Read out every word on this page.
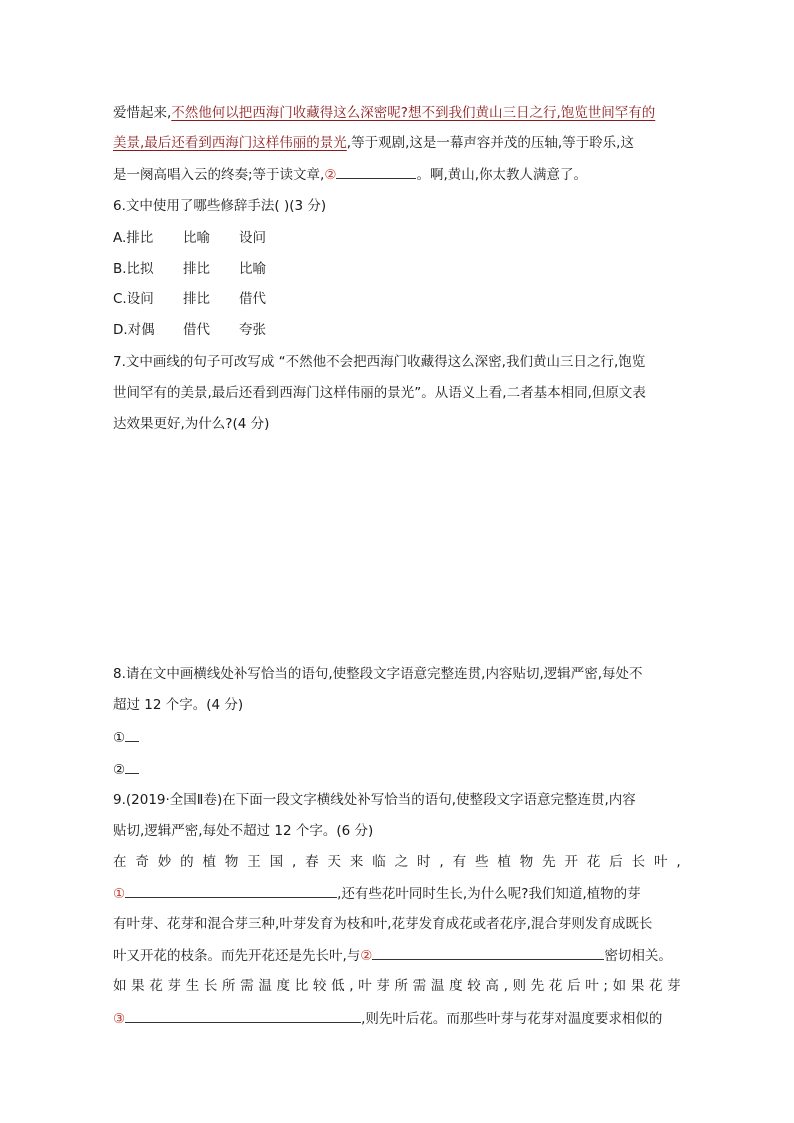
爱惜起来,不然他何以把西海门收藏得这么深密呢?想不到我们黄山三日之行,饱览世间罕有的
美景,最后还看到西海门这样伟丽的景光,等于观剧,这是一幕声容并茂的压轴,等于聆乐,这
是一阕高唱入云的终奏;等于读文章,②	。啊,黄山,你太教人满意了。
6.文中使用了哪些修辞手法( )(3 分)
A.排比 比喻 设问
B.比拟 排比 比喻
C.设问 排比 借代
D.对偶 借代 夸张
7.文中画线的句子可改写成 “不然他不会把西海门收藏得这么深密,我们黄山三日之行,饱览
世间罕有的美景,最后还看到西海门这样伟丽的景光”。从语义上看,二者基本相同,但原文表
达效果更好,为什么?(4 分)
8.请在文中画横线处补写恰当的语句,使整段文字语意完整连贯,内容贴切,逻辑严密,每处不
超过 12 个字。(4 分)
①
②
9.(2019·全国Ⅱ卷)在下面一段文字横线处补写恰当的语句,使整段文字语意完整连贯,内容
贴切,逻辑严密,每处不超过 12 个字。(6 分)
在 奇 妙 的 植 物 王 国 , 春 天 来 临 之 时 , 有 些 植 物 先 开 花 后 长 叶 ,
①	,还有些花叶同时生长,为什么呢?我们知道,植物的芽
有叶芽、花芽和混合芽三种,叶芽发育为枝和叶,花芽发育成花或者花序,混合芽则发育成既长
叶又开花的枝条。而先开花还是先长叶,与②	密切相关。
如 果 花 芽 生 长 所 需 温 度 比 较 低 , 叶 芽 所 需 温 度 较 高 , 则 先 花 后 叶 ; 如 果 花 芽
③	,则先叶后花。而那些叶芽与花芽对温度要求相似的
